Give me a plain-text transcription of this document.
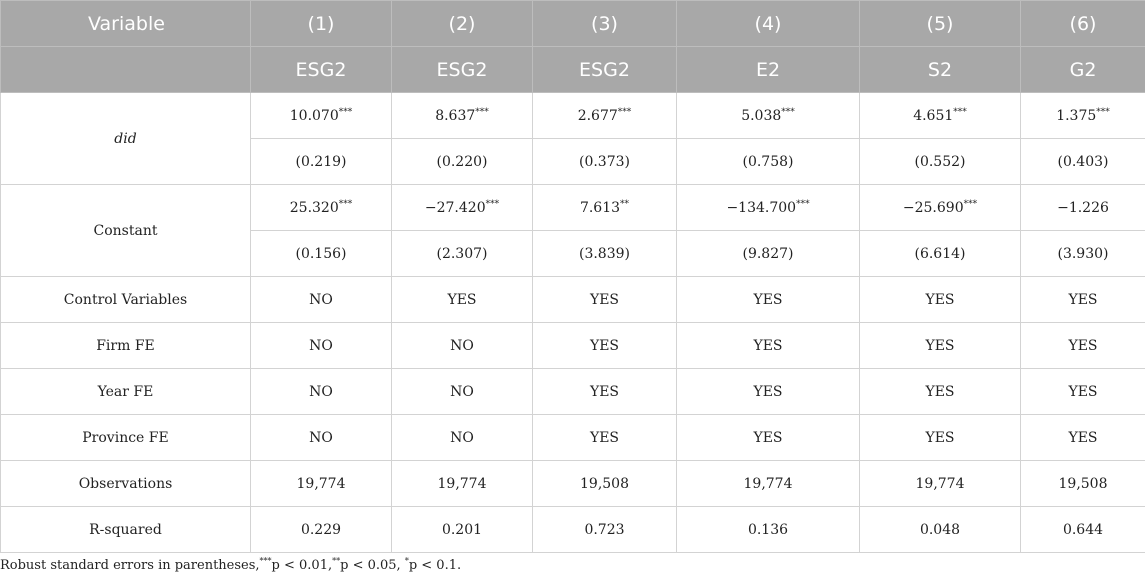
Variable	(1)	(2)	(3)	(4)	(5)	(6)
	ESG2	ESG2	ESG2	E2	S2	G2
did	10.070***	8.637***	2.677***	5.038***	4.651***	1.375***
	(0.219)	(0.220)	(0.373)	(0.758)	(0.552)	(0.403)
Constant	25.320***	−27.420***	7.613**	−134.700***	−25.690***	−1.226
	(0.156)	(2.307)	(3.839)	(9.827)	(6.614)	(3.930)
Control Variables	NO	YES	YES	YES	YES	YES
Firm FE	NO	NO	YES	YES	YES	YES
Year FE	NO	NO	YES	YES	YES	YES
Province FE	NO	NO	YES	YES	YES	YES
Observations	19,774	19,774	19,508	19,774	19,774	19,508
R-squared	0.229	0.201	0.723	0.136	0.048	0.644
Robust standard errors in parentheses,***p < 0.01,**p < 0.05, *p < 0.1.
